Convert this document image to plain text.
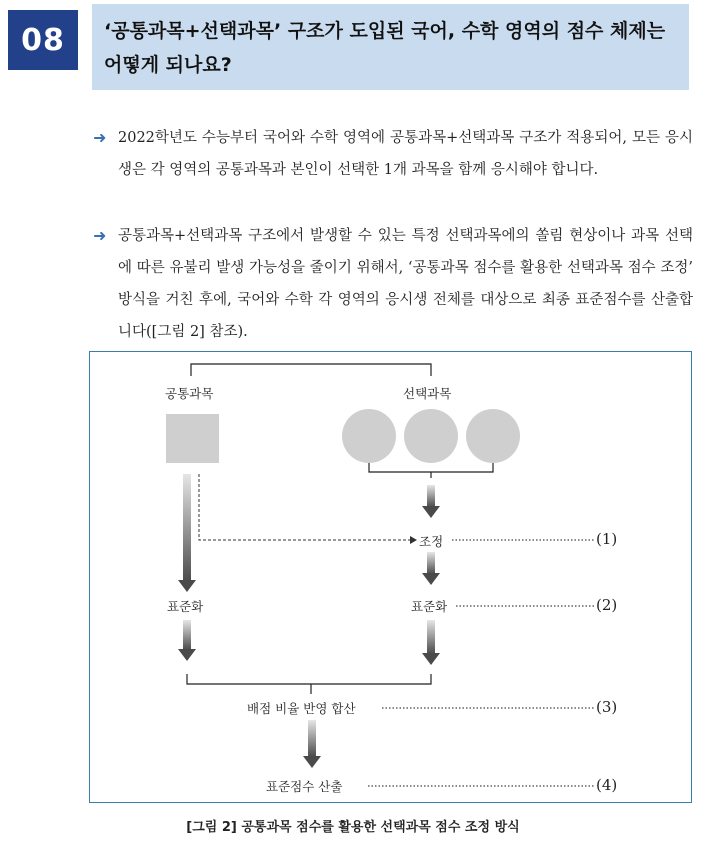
08	‘공통과목+선택과목’ 구조가 도입된 국어, 수학 영역의 점수 체제는 어떻게 되나요?
➜ 2022학년도 수능부터 국어와 수학 영역에 공통과목+선택과목 구조가 적용되어, 모든 응시생은 각 영역의 공통과목과 본인이 선택한 1개 과목을 함께 응시해야 합니다.
➜ 공통과목+선택과목 구조에서 발생할 수 있는 특정 선택과목에의 쏠림 현상이나 과목 선택에 따른 유불리 발생 가능성을 줄이기 위해서, ‘공통과목 점수를 활용한 선택과목 점수 조정’ 방식을 거친 후에, 국어와 수학 각 영역의 응시생 전체를 대상으로 최종 표준점수를 산출합니다([그림 2] 참조).
공통과목	선택과목
조정
표준화	표준화
배점 비율 반영 합산
표준점수 산출
(1)
(2)
(3)
(4)
[그림 2] 공통과목 점수를 활용한 선택과목 점수 조정 방식
